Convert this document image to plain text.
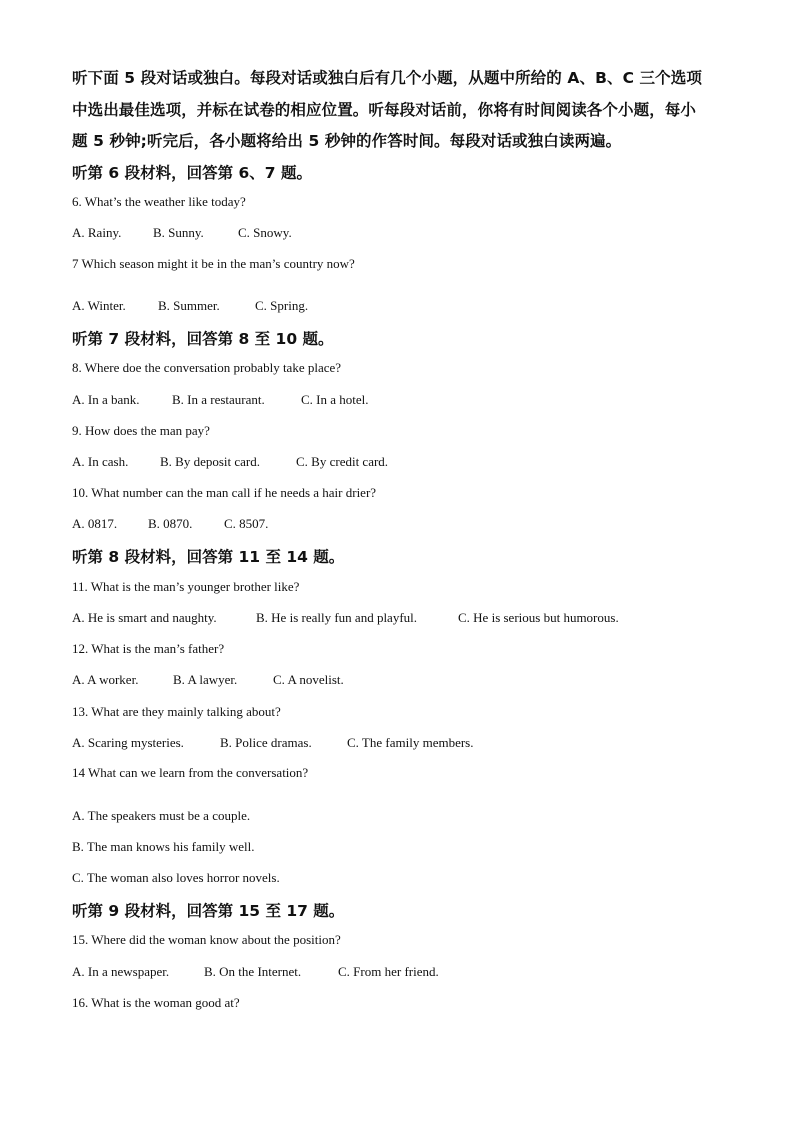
听下面 5 段对话或独白。每段对话或独白后有几个小题，从题中所给的 A、B、C 三个选项
中选出最佳选项，并标在试卷的相应位置。听每段对话前，你将有时间阅读各个小题，每小
题 5 秒钟;听完后，各小题将给出 5 秒钟的作答时间。每段对话或独白读两遍。
听第 6 段材料，回答第 6、7 题。
6. What’s the weather like today?
A. Rainy. B. Sunny.	C. Snowy.
7 Which season might it be in the man’s country now?
A. Winter. B. Summer.	C. Spring.
听第 7 段材料，回答第 8 至 10 题。
8. Where doe the conversation probably take place?
A. In a bank. B. In a restaurant.	C. In a hotel.
9. How does the man pay?
A. In cash. B. By deposit card.	C. By credit card.
10. What number can the man call if he needs a hair drier?
A. 0817. B. 0870. C. 8507.
听第 8 段材料，回答第 11 至 14 题。
11. What is the man’s younger brother like?
A. He is smart and naughty.	B. He is really fun and playful.	C. He is serious but humorous.
12. What is the man’s father?
A. A worker.	B. A lawyer.	C. A novelist.
13. What are they mainly talking about?
A. Scaring mysteries.	B. Police dramas.	C. The family members.
14 What can we learn from the conversation?
A. The speakers must be a couple.
B. The man knows his family well.
C. The woman also loves horror novels.
听第 9 段材料，回答第 15 至 17 题。
15. Where did the woman know about the position?
A. In a newspaper.	B. On the Internet.	C. From her friend.
16. What is the woman good at?
